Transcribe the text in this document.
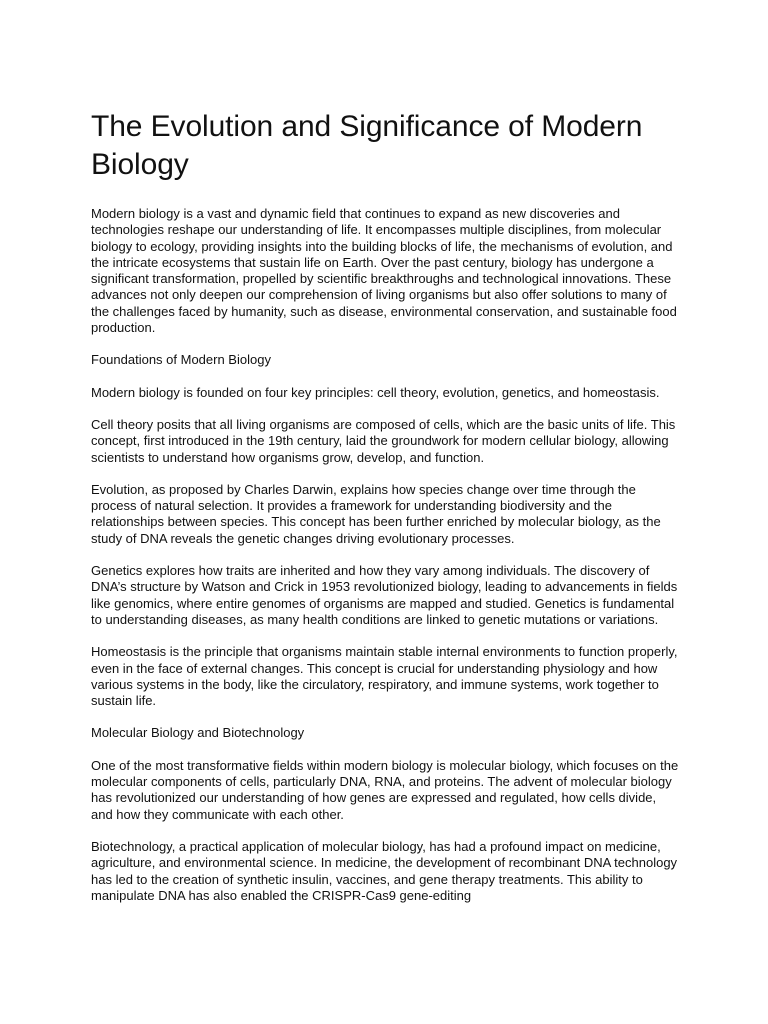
The Evolution and Significance of Modern Biology

Modern biology is a vast and dynamic field that continues to expand as new discoveries and technologies reshape our understanding of life. It encompasses multiple disciplines, from molecular biology to ecology, providing insights into the building blocks of life, the mechanisms of evolution, and the intricate ecosystems that sustain life on Earth. Over the past century, biology has undergone a significant transformation, propelled by scientific breakthroughs and technological innovations. These advances not only deepen our comprehension of living organisms but also offer solutions to many of the challenges faced by humanity, such as disease, environmental conservation, and sustainable food production.

Foundations of Modern Biology

Modern biology is founded on four key principles: cell theory, evolution, genetics, and homeostasis.

Cell theory posits that all living organisms are composed of cells, which are the basic units of life. This concept, first introduced in the 19th century, laid the groundwork for modern cellular biology, allowing scientists to understand how organisms grow, develop, and function.

Evolution, as proposed by Charles Darwin, explains how species change over time through the process of natural selection. It provides a framework for understanding biodiversity and the relationships between species. This concept has been further enriched by molecular biology, as the study of DNA reveals the genetic changes driving evolutionary processes.

Genetics explores how traits are inherited and how they vary among individuals. The discovery of DNA’s structure by Watson and Crick in 1953 revolutionized biology, leading to advancements in fields like genomics, where entire genomes of organisms are mapped and studied. Genetics is fundamental to understanding diseases, as many health conditions are linked to genetic mutations or variations.

Homeostasis is the principle that organisms maintain stable internal environments to function properly, even in the face of external changes. This concept is crucial for understanding physiology and how various systems in the body, like the circulatory, respiratory, and immune systems, work together to sustain life.

Molecular Biology and Biotechnology

One of the most transformative fields within modern biology is molecular biology, which focuses on the molecular components of cells, particularly DNA, RNA, and proteins. The advent of molecular biology has revolutionized our understanding of how genes are expressed and regulated, how cells divide, and how they communicate with each other.

Biotechnology, a practical application of molecular biology, has had a profound impact on medicine, agriculture, and environmental science. In medicine, the development of recombinant DNA technology has led to the creation of synthetic insulin, vaccines, and gene therapy treatments. This ability to manipulate DNA has also enabled the CRISPR-Cas9 gene-editing
